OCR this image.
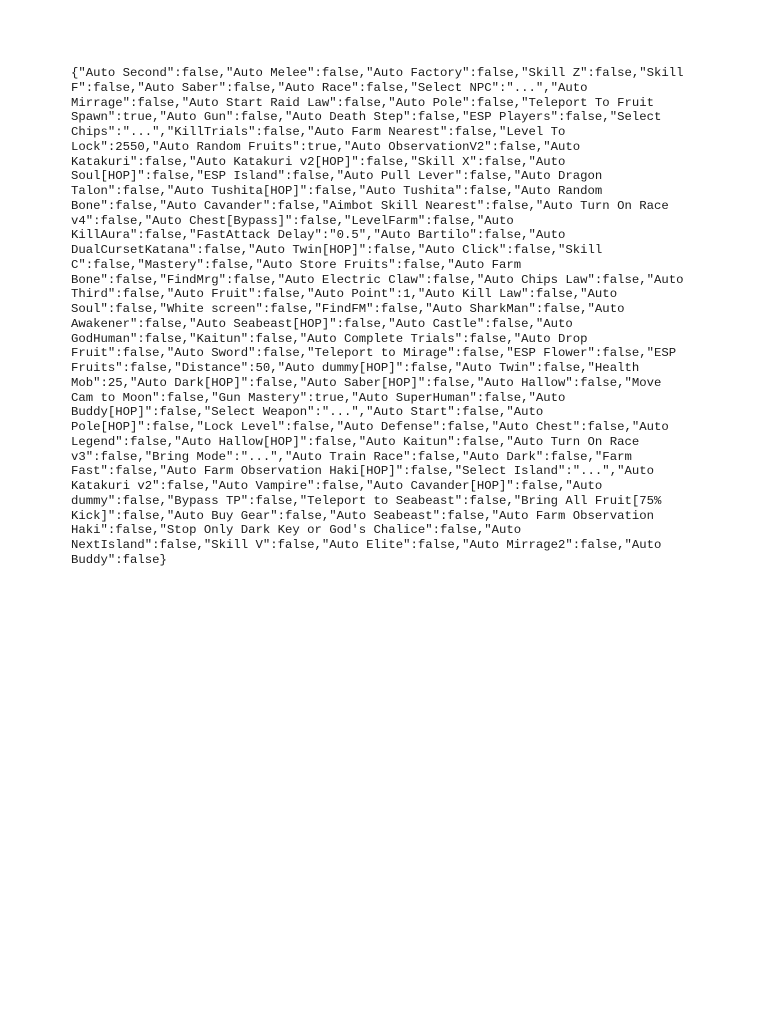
{"Auto Second":false,"Auto Melee":false,"Auto Factory":false,"Skill Z":false,"Skill
F":false,"Auto Saber":false,"Auto Race":false,"Select NPC":"...","Auto
Mirrage":false,"Auto Start Raid Law":false,"Auto Pole":false,"Teleport To Fruit
Spawn":true,"Auto Gun":false,"Auto Death Step":false,"ESP Players":false,"Select
Chips":"...","KillTrials":false,"Auto Farm Nearest":false,"Level To
Lock":2550,"Auto Random Fruits":true,"Auto ObservationV2":false,"Auto
Katakuri":false,"Auto Katakuri v2[HOP]":false,"Skill X":false,"Auto
Soul[HOP]":false,"ESP Island":false,"Auto Pull Lever":false,"Auto Dragon
Talon":false,"Auto Tushita[HOP]":false,"Auto Tushita":false,"Auto Random
Bone":false,"Auto Cavander":false,"Aimbot Skill Nearest":false,"Auto Turn On Race
v4":false,"Auto Chest[Bypass]":false,"LevelFarm":false,"Auto
KillAura":false,"FastAttack Delay":"0.5","Auto Bartilo":false,"Auto
DualCursetKatana":false,"Auto Twin[HOP]":false,"Auto Click":false,"Skill
C":false,"Mastery":false,"Auto Store Fruits":false,"Auto Farm
Bone":false,"FindMrg":false,"Auto Electric Claw":false,"Auto Chips Law":false,"Auto
Third":false,"Auto Fruit":false,"Auto Point":1,"Auto Kill Law":false,"Auto
Soul":false,"White screen":false,"FindFM":false,"Auto SharkMan":false,"Auto
Awakener":false,"Auto Seabeast[HOP]":false,"Auto Castle":false,"Auto
GodHuman":false,"Kaitun":false,"Auto Complete Trials":false,"Auto Drop
Fruit":false,"Auto Sword":false,"Teleport to Mirage":false,"ESP Flower":false,"ESP
Fruits":false,"Distance":50,"Auto dummy[HOP]":false,"Auto Twin":false,"Health
Mob":25,"Auto Dark[HOP]":false,"Auto Saber[HOP]":false,"Auto Hallow":false,"Move
Cam to Moon":false,"Gun Mastery":true,"Auto SuperHuman":false,"Auto
Buddy[HOP]":false,"Select Weapon":"...","Auto Start":false,"Auto
Pole[HOP]":false,"Lock Level":false,"Auto Defense":false,"Auto Chest":false,"Auto
Legend":false,"Auto Hallow[HOP]":false,"Auto Kaitun":false,"Auto Turn On Race
v3":false,"Bring Mode":"...","Auto Train Race":false,"Auto Dark":false,"Farm
Fast":false,"Auto Farm Observation Haki[HOP]":false,"Select Island":"...","Auto
Katakuri v2":false,"Auto Vampire":false,"Auto Cavander[HOP]":false,"Auto
dummy":false,"Bypass TP":false,"Teleport to Seabeast":false,"Bring All Fruit[75%
Kick]":false,"Auto Buy Gear":false,"Auto Seabeast":false,"Auto Farm Observation
Haki":false,"Stop Only Dark Key or God's Chalice":false,"Auto
NextIsland":false,"Skill V":false,"Auto Elite":false,"Auto Mirrage2":false,"Auto
Buddy":false}
